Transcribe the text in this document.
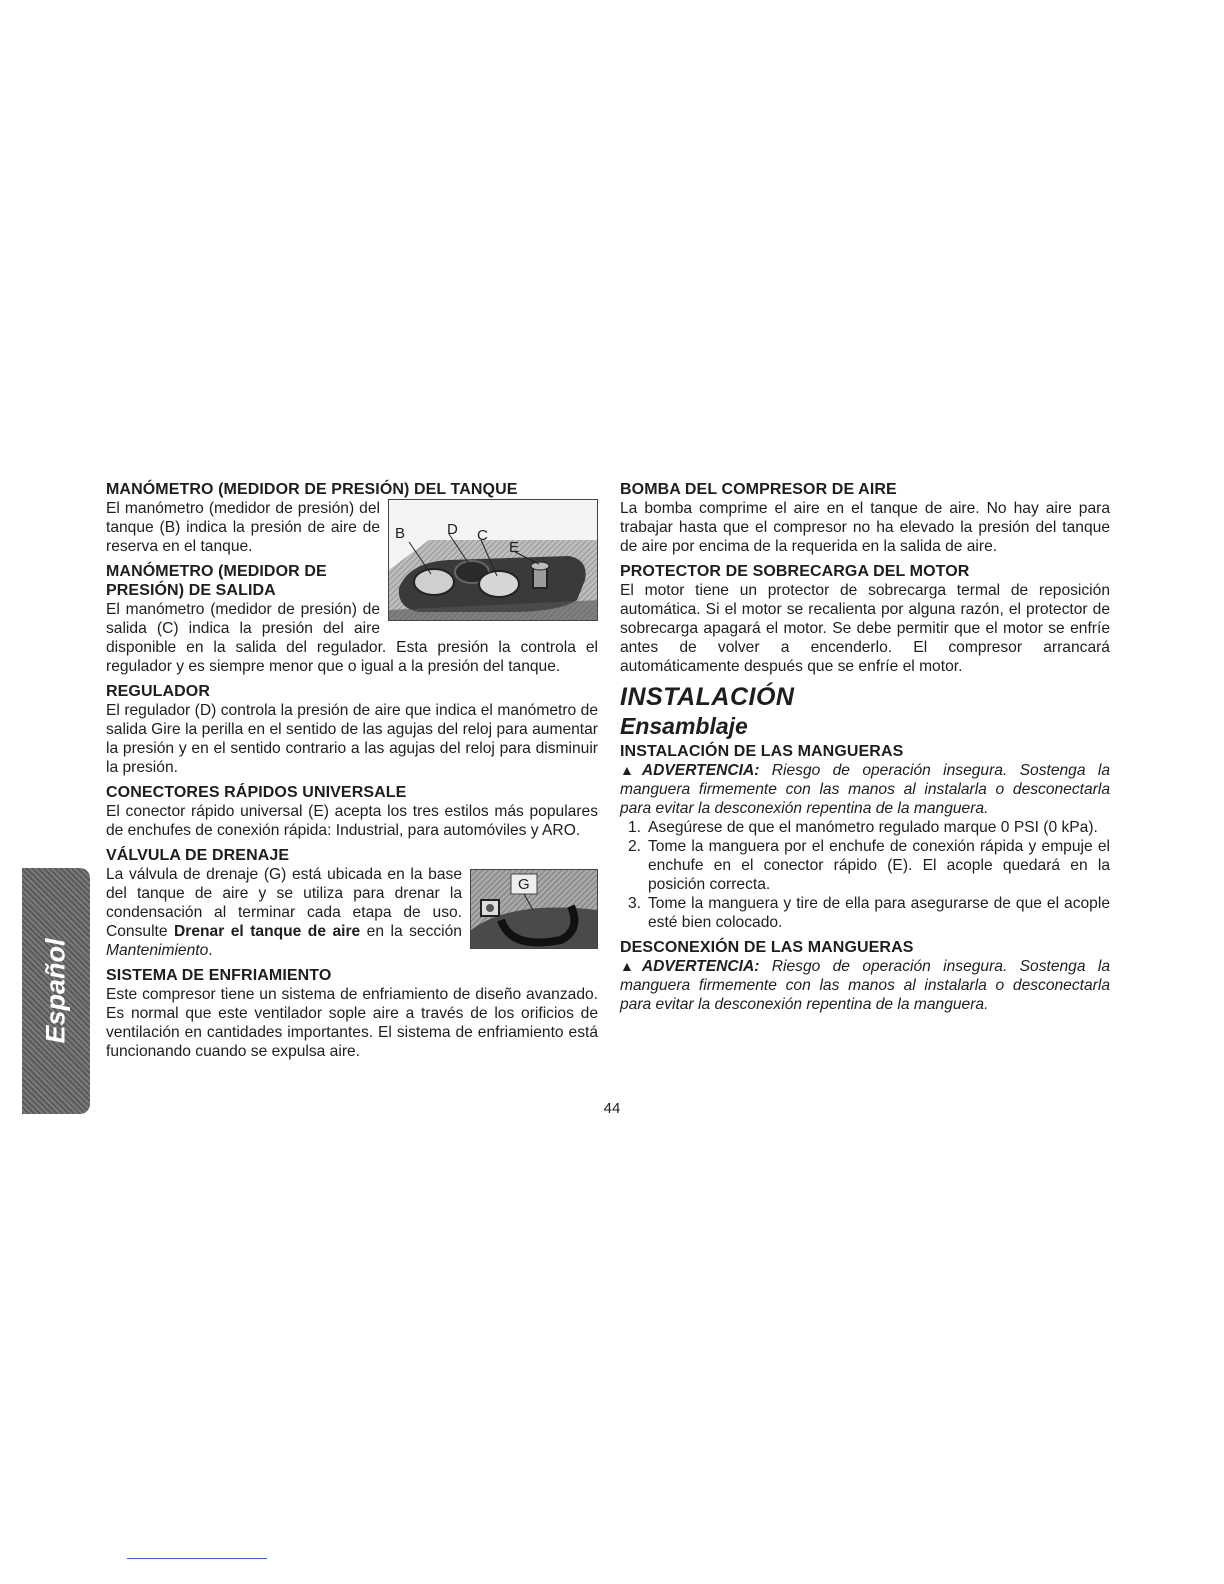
MANÓMETRO (MEDIDOR DE PRESIÓN) DEL TANQUE
B	D C
E

El manómetro (medidor de presión) del tanque (B) indica la presión de aire de reserva en el tanque.

MANÓMETRO (MEDIDOR DE
PRESIÓN) DE SALIDA

El manómetro (medidor de presión) de salida (C) indica la presión del aire disponible en la salida del regulador. Esta presión la controla el regulador y es siempre menor que o igual a la presión del tanque.

REGULADOR

El regulador (D) controla la presión de aire que indica el manómetro de salida Gire la perilla en el sentido de las agujas del reloj para aumentar la presión y en el sentido contrario a las agujas del reloj para disminuir la presión.

CONECTORES RÁPIDOS UNIVERSALE

El conector rápido universal (E) acepta los tres estilos más populares de enchufes de conexión rápida: Industrial, para automóviles y ARO.

VÁLVULA DE DRENAJE
G

La válvula de drenaje (G) está ubicada en la base del tanque de aire y se utiliza para drenar la condensación al terminar cada etapa de uso. Consulte Drenar el tanque de aire en la sección Mantenimiento.

SISTEMA DE ENFRIAMIENTO

Este compresor tiene un sistema de enfriamiento de diseño avanzado. Es normal que este ventilador sople aire a través de los orificios de ventilación en cantidades importantes. El sistema de enfriamiento está funcionando cuando se expulsa aire.

BOMBA DEL COMPRESOR DE AIRE

La bomba comprime el aire en el tanque de aire. No hay aire para trabajar hasta que el compresor no ha elevado la presión del tanque de aire por encima de la requerida en la salida de aire.

PROTECTOR DE SOBRECARGA DEL MOTOR

El motor tiene un protector de sobrecarga termal de reposición automática. Si el motor se recalienta por alguna razón, el protector de sobrecarga apagará el motor. Se debe permitir que el motor se enfríe antes de volver a encenderlo. El compresor arrancará automáticamente después que se enfríe el motor.

INSTALACIÓN
Ensamblaje
INSTALACIÓN DE LAS MANGUERAS

▲ADVERTENCIA: Riesgo de operación insegura. Sostenga la manguera firmemente con las manos al instalarla o desconectarla para evitar la desconexión repentina de la manguera.

1. Asegúrese de que el manómetro regulado marque 0 PSI (0 kPa).
2. Tome la manguera por el enchufe de conexión rápida y empuje el enchufe en el conector rápido (E). El acople quedará en la posición correcta.
3. Tome la manguera y tire de ella para asegurarse de que el acople esté bien colocado.
DESCONEXIÓN DE LAS MANGUERAS

▲ADVERTENCIA: Riesgo de operación insegura. Sostenga la manguera firmemente con las manos al instalarla o desconectarla para evitar la desconexión repentina de la manguera.

Español
44
